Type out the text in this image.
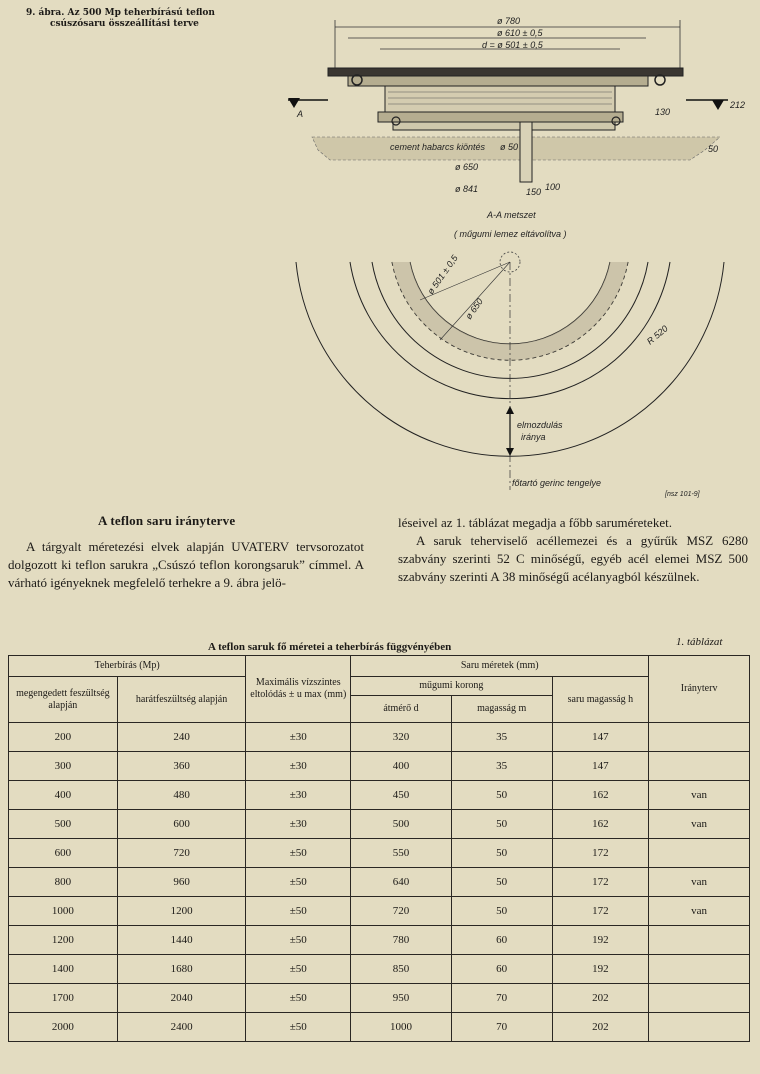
9. ábra. Az 500 Mp teherbírású teflon
csúszósaru összeállítási terve	ø 780
ø 610 ± 0,5
d = ø 501 ± 0,5
cement habarcs kiöntés ø 50
ø 650
ø 841
A	130
212
150 100
50
A-A metszet
( műgumi lemez eltávolítva )
ø 501 ± 0,5
ø 650
R 520
elmozdulás
iránya
főtartó gerinc tengelye
[nsz 101-9]
A teflon saru irányterve
A tárgyalt méretezési elvek alapján UVATERV tervsorozatot dolgozott ki teflon sarukra „Csúszó teflon korongsaruk” címmel. A várható igényeknek megfelelő terhekre a 9. ábra jelö-
léseivel az 1. táblázat megadja a főbb saruméreteket.
A saruk teherviselő acéllemezei és a gyűrűk MSZ 6280 szabvány szerinti 52 C minőségű, egyéb acél elemei MSZ 500 szabvány szerinti A 38 minőségű acélanyagból készülnek.
A teflon saruk fő méretei a teherbírás függvényében	1. táblázat
Teherbírás (Mp)		Maximális vízszintes eltolódás ± u max (mm)	Saru méretek (mm)			Irányterv
megengedett feszültség alapján	harátfeszültség alapján		műgumi korong		saru magasság h	
			átmérő d	magasság m		
200	240	±30	320	35	147	
300	360	±30	400	35	147	
400	480	±30	450	50	162	van
500	600	±30	500	50	162	van
600	720	±50	550	50	172	
800	960	±50	640	50	172	van
1000	1200	±50	720	50	172	van
1200	1440	±50	780	60	192	
1400	1680	±50	850	60	192	
1700	2040	±50	950	70	202	
2000	2400	±50	1000	70	202	
